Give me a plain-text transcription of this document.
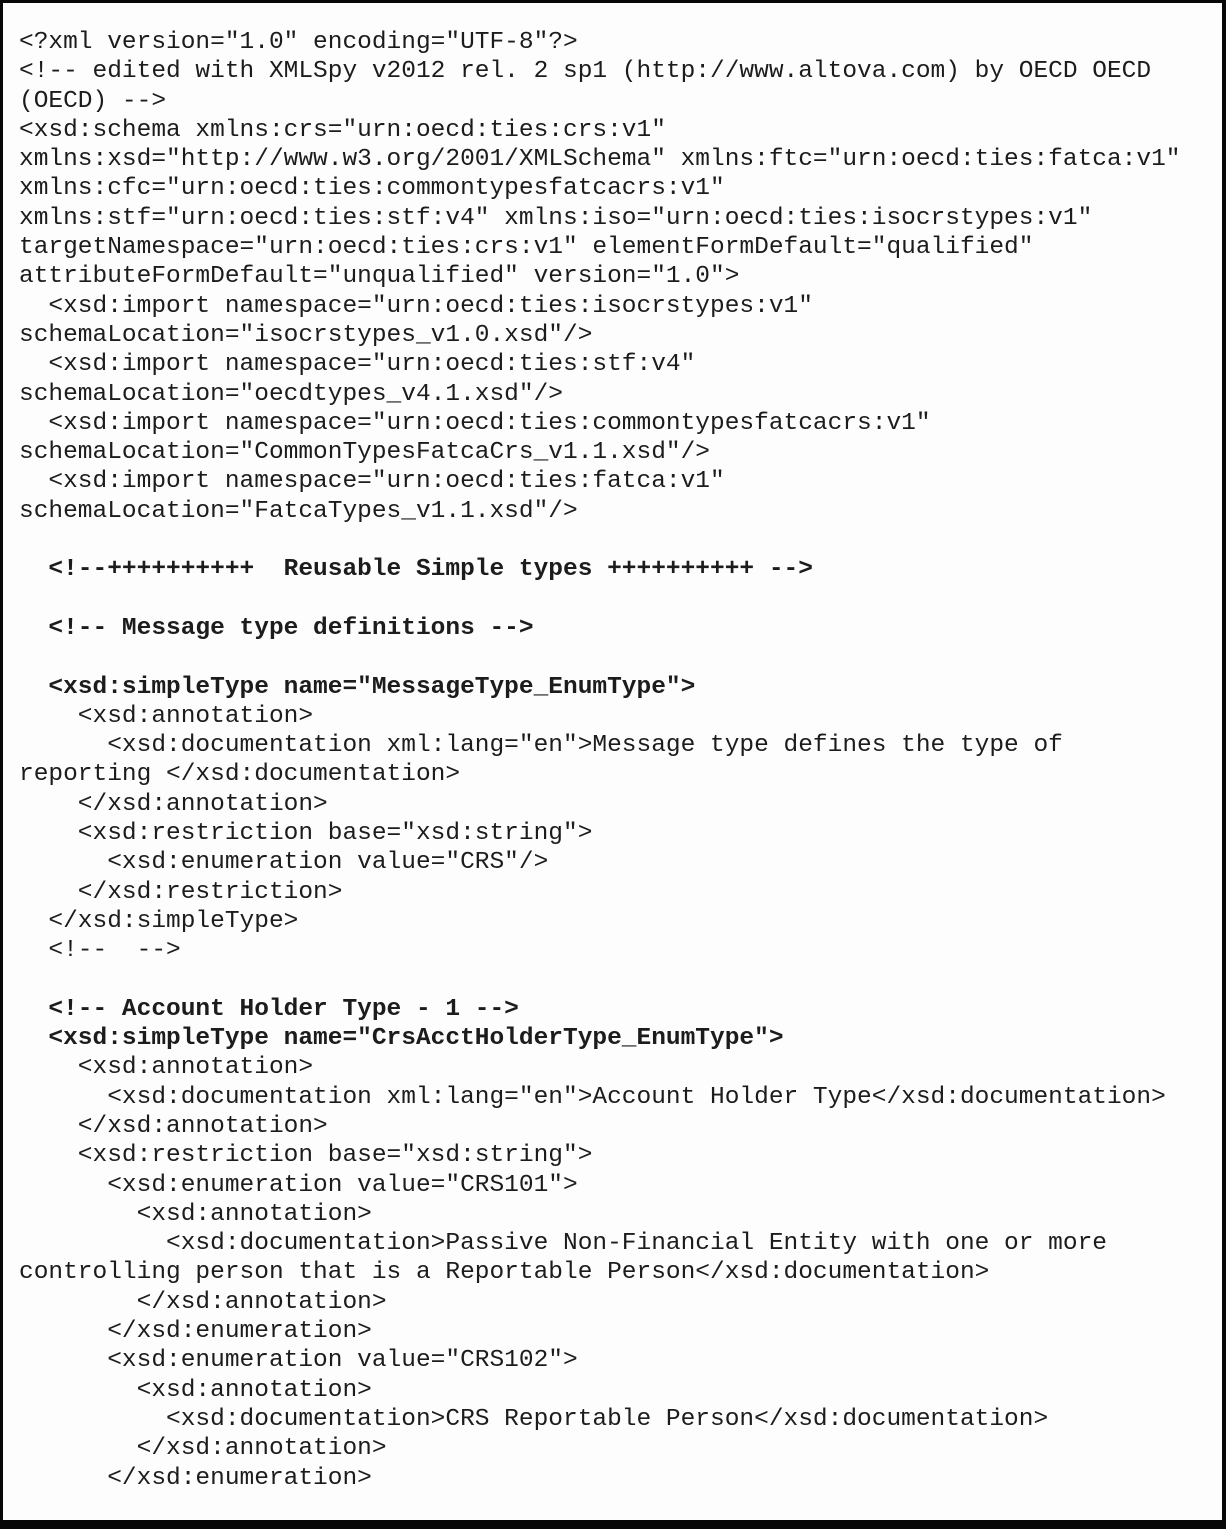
<?xml version="1.0" encoding="UTF-8"?>
<!-- edited with XMLSpy v2012 rel. 2 sp1 (http://www.altova.com) by OECD OECD
(OECD) -->
<xsd:schema xmlns:crs="urn:oecd:ties:crs:v1"
xmlns:xsd="http://www.w3.org/2001/XMLSchema" xmlns:ftc="urn:oecd:ties:fatca:v1"
xmlns:cfc="urn:oecd:ties:commontypesfatcacrs:v1"
xmlns:stf="urn:oecd:ties:stf:v4" xmlns:iso="urn:oecd:ties:isocrstypes:v1"
targetNamespace="urn:oecd:ties:crs:v1" elementFormDefault="qualified"
attributeFormDefault="unqualified" version="1.0">
<xsd:import namespace="urn:oecd:ties:isocrstypes:v1"
schemaLocation="isocrstypes_v1.0.xsd"/>
<xsd:import namespace="urn:oecd:ties:stf:v4"
schemaLocation="oecdtypes_v4.1.xsd"/>
<xsd:import namespace="urn:oecd:ties:commontypesfatcacrs:v1"
schemaLocation="CommonTypesFatcaCrs_v1.1.xsd"/>
<xsd:import namespace="urn:oecd:ties:fatca:v1"
schemaLocation="FatcaTypes_v1.1.xsd"/>

<!--++++++++++  Reusable Simple types ++++++++++ -->

<!-- Message type definitions -->

<xsd:simpleType name="MessageType_EnumType">
<xsd:annotation>
<xsd:documentation xml:lang="en">Message type defines the type of
reporting </xsd:documentation>
</xsd:annotation>
<xsd:restriction base="xsd:string">
<xsd:enumeration value="CRS"/>
</xsd:restriction>
</xsd:simpleType>
<!--  -->

<!-- Account Holder Type - 1 -->
<xsd:simpleType name="CrsAcctHolderType_EnumType">
<xsd:annotation>
<xsd:documentation xml:lang="en">Account Holder Type</xsd:documentation>
</xsd:annotation>
<xsd:restriction base="xsd:string">
<xsd:enumeration value="CRS101">
<xsd:annotation>
<xsd:documentation>Passive Non-Financial Entity with one or more
controlling person that is a Reportable Person</xsd:documentation>
</xsd:annotation>
</xsd:enumeration>
<xsd:enumeration value="CRS102">
<xsd:annotation>
<xsd:documentation>CRS Reportable Person</xsd:documentation>
</xsd:annotation>
</xsd:enumeration>
